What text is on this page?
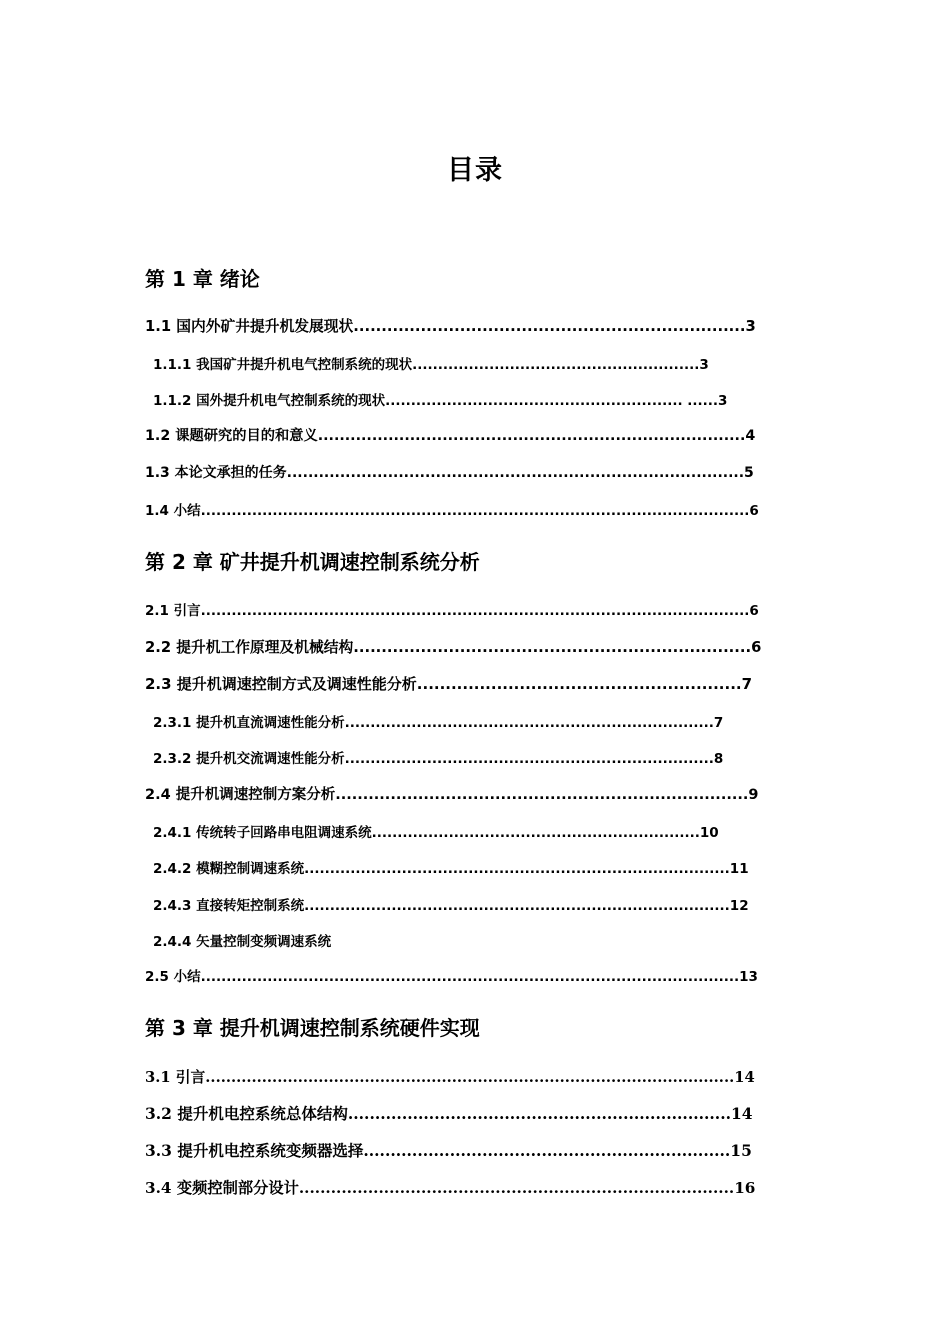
目录
第 1 章 绪论
1.1 国内外矿井提升机发展现状......................................................................3
1.1.1 我国矿井提升机电气控制系统的现状........................................................3
1.1.2 国外提升机电气控制系统的现状.......................................................... ......3
1.2 课题研究的目的和意义...............................................................................4
1.3 本论文承担的任务......................................................................................5
1.4 小结...........................................................................................................6
第 2 章 矿井提升机调速控制系统分析
2.1 引言...........................................................................................................6
2.2 提升机工作原理及机械结构.......................................................................6
2.3 提升机调速控制方式及调速性能分析.........................................................7
2.3.1 提升机直流调速性能分析........................................................................7
2.3.2 提升机交流调速性能分析........................................................................8
2.4 提升机调速控制方案分析...........................................................................9
2.4.1 传统转子回路串电阻调速系统................................................................10
2.4.2 模糊控制调速系统...................................................................................11
2.4.3 直接转矩控制系统...................................................................................12
2.4.4 矢量控制变频调速系统
2.5 小结.........................................................................................................13
第 3 章 提升机调速控制系统硬件实现
3.1 引言.......................................................................................................14
3.2 提升机电控系统总体结构.......................................................................14
3.3 提升机电控系统变频器选择....................................................................15
3.4 变频控制部分设计..................................................................................16
